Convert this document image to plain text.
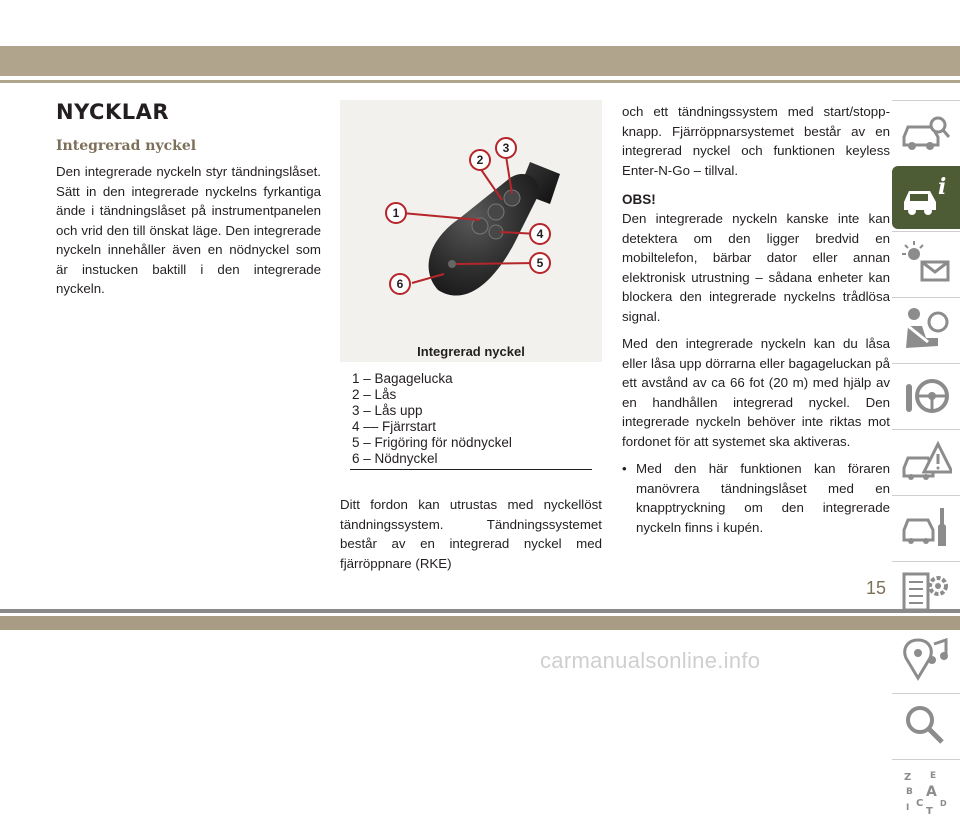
NYCKLAR
Integrerad nyckel

Den integrerade nyckeln styr tändningslåset. Sätt in den integrerade nyckelns fyrkantiga ände i tändningslåset på instrumentpanelen och vrid den till önskat läge. Den integrerade nyckeln innehåller även en nödnyckel som är instucken baktill i den integrerade nyckeln.

1
2
3
4
5
6
Integrerad nyckel
1 – Bagagelucka
2 – Lås
3 – Lås upp
4 –– Fjärrstart
5 – Frigöring för nödnyckel
6 – Nödnyckel

Ditt fordon kan utrustas med nyckellöst tändningssystem. Tändningssystemet består av en integrerad nyckel med fjärröppnare (RKE)

och ett tändningssystem med start/stopp-knapp. Fjärröppnarsystemet består av en integrerad nyckel och funktionen keyless Enter-N-Go – tillval.

OBS!

Den integrerade nyckeln kanske inte kan detektera om den ligger bredvid en mobiltelefon, bärbar dator eller annan elektronisk utrustning – sådana enheter kan blockera den integrerade nyckelns trådlösa signal.

Med den integrerade nyckeln kan du låsa eller låsa upp dörrarna eller bagageluckan på ett avstånd av ca 66 fot (20 m) med hjälp av en handhållen integrerad nyckel. Den integrerade nyckeln behöver inte riktas mot fordonet för att systemet ska aktiveras.

• Med den här funktionen kan föraren manövrera tändningslåset med en knapptryckning om den integrerade nyckeln finns i kupén.
i
Z E
B A
C D
I T
15
carmanualsonline.info
